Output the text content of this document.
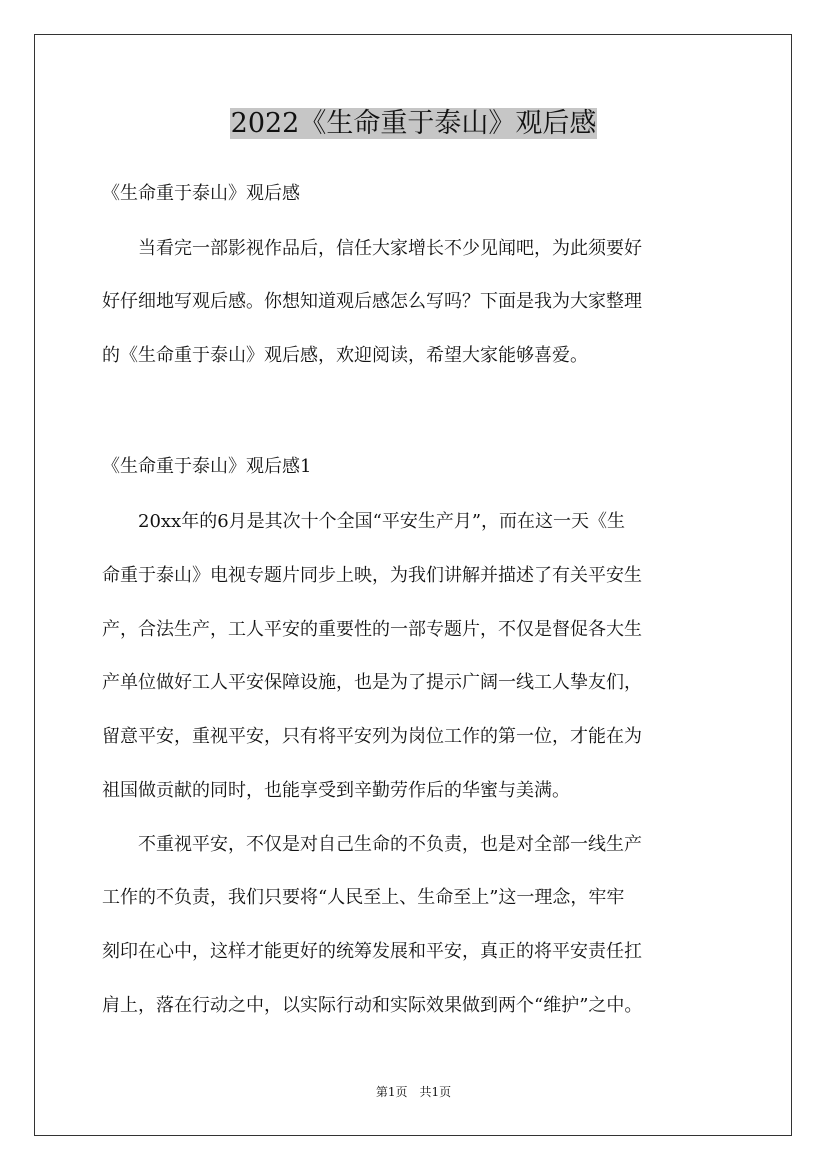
2022《生命重于泰山》观后感

《生命重于泰山》观后感

　　当看完一部影视作品后，信任大家增长不少见闻吧，为此须要好

好仔细地写观后感。你想知道观后感怎么写吗？下面是我为大家整理

的《生命重于泰山》观后感，欢迎阅读，希望大家能够喜爱。

《生命重于泰山》观后感1

　　20xx年的6月是其次十个全国“平安生产月”，而在这一天《生

命重于泰山》电视专题片同步上映，为我们讲解并描述了有关平安生

产，合法生产，工人平安的重要性的一部专题片，不仅是督促各大生

产单位做好工人平安保障设施，也是为了提示广阔一线工人挚友们，

留意平安，重视平安，只有将平安列为岗位工作的第一位，才能在为

祖国做贡献的同时，也能享受到辛勤劳作后的华蜜与美满。

　　不重视平安，不仅是对自己生命的不负责，也是对全部一线生产

工作的不负责，我们只要将“人民至上、生命至上”这一理念，牢牢

刻印在心中，这样才能更好的统筹发展和平安，真正的将平安责任扛

肩上，落在行动之中，以实际行动和实际效果做到两个“维护”之中。

第1页　共1页
